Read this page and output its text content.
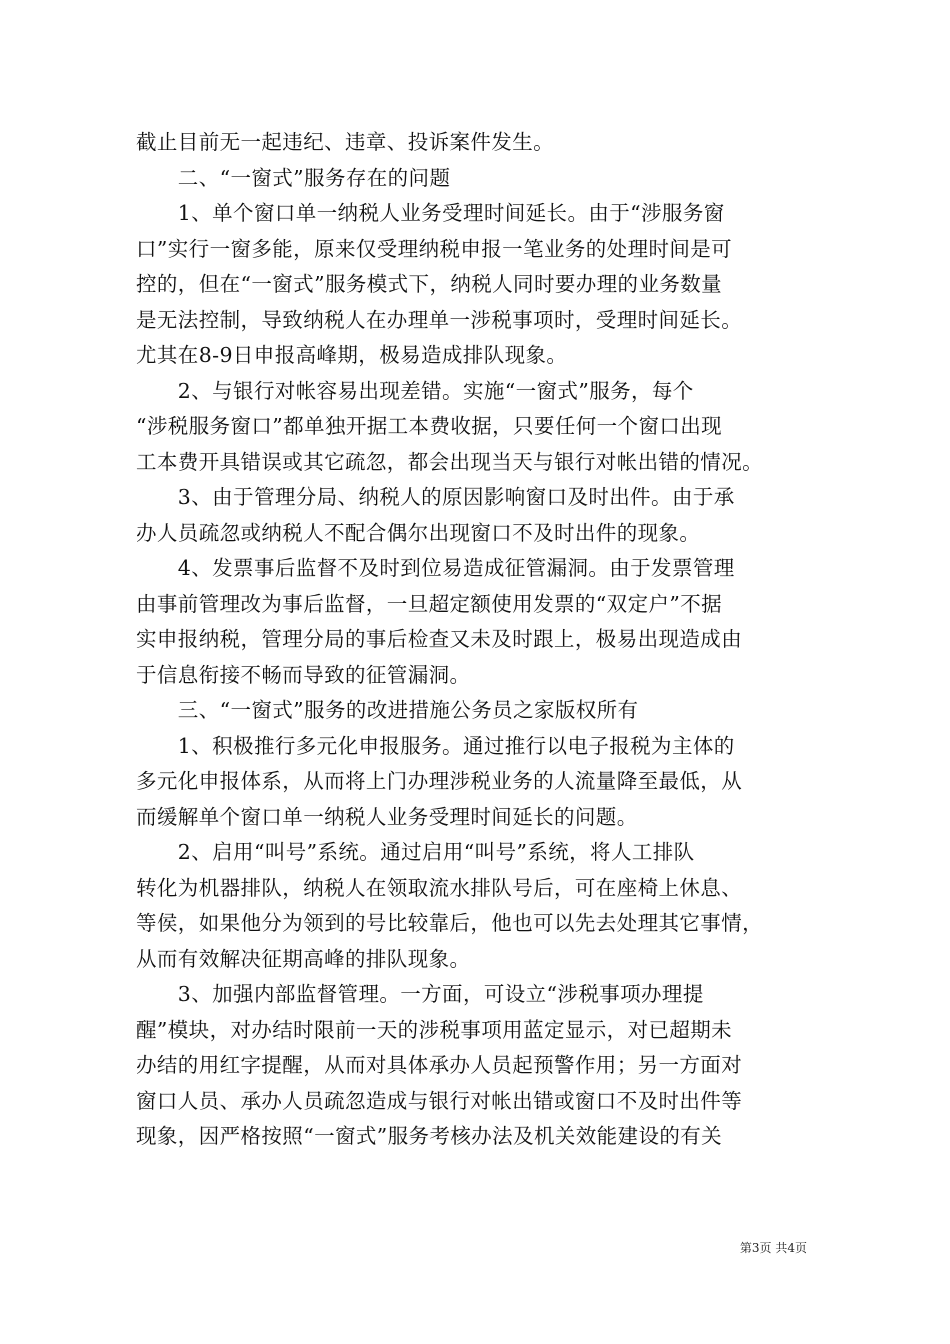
截止目前无一起违纪、违章、投诉案件发生。
　　二、“一窗式”服务存在的问题
　　1、单个窗口单一纳税人业务受理时间延长。由于“涉服务窗
口”实行一窗多能，原来仅受理纳税申报一笔业务的处理时间是可
控的，但在“一窗式”服务模式下，纳税人同时要办理的业务数量
是无法控制，导致纳税人在办理单一涉税事项时，受理时间延长。
尤其在8-9日申报高峰期，极易造成排队现象。
　　2、与银行对帐容易出现差错。实施“一窗式”服务，每个
“涉税服务窗口”都单独开据工本费收据，只要任何一个窗口出现
工本费开具错误或其它疏忽，都会出现当天与银行对帐出错的情况。
　　3、由于管理分局、纳税人的原因影响窗口及时出件。由于承
办人员疏忽或纳税人不配合偶尔出现窗口不及时出件的现象。
　　4、发票事后监督不及时到位易造成征管漏洞。由于发票管理
由事前管理改为事后监督，一旦超定额使用发票的“双定户”不据
实申报纳税，管理分局的事后检查又未及时跟上，极易出现造成由
于信息衔接不畅而导致的征管漏洞。
　　三、“一窗式”服务的改进措施公务员之家版权所有
　　1、积极推行多元化申报服务。通过推行以电子报税为主体的
多元化申报体系，从而将上门办理涉税业务的人流量降至最低，从
而缓解单个窗口单一纳税人业务受理时间延长的问题。
　　2、启用“叫号”系统。通过启用“叫号”系统，将人工排队
转化为机器排队，纳税人在领取流水排队号后，可在座椅上休息、
等侯，如果他分为领到的号比较靠后，他也可以先去处理其它事情，
从而有效解决征期高峰的排队现象。
　　3、加强内部监督管理。一方面，可设立“涉税事项办理提
醒”模块，对办结时限前一天的涉税事项用蓝定显示，对已超期未
办结的用红字提醒，从而对具体承办人员起预警作用；另一方面对
窗口人员、承办人员疏忽造成与银行对帐出错或窗口不及时出件等
现象，因严格按照“一窗式”服务考核办法及机关效能建设的有关
第3页 共4页
